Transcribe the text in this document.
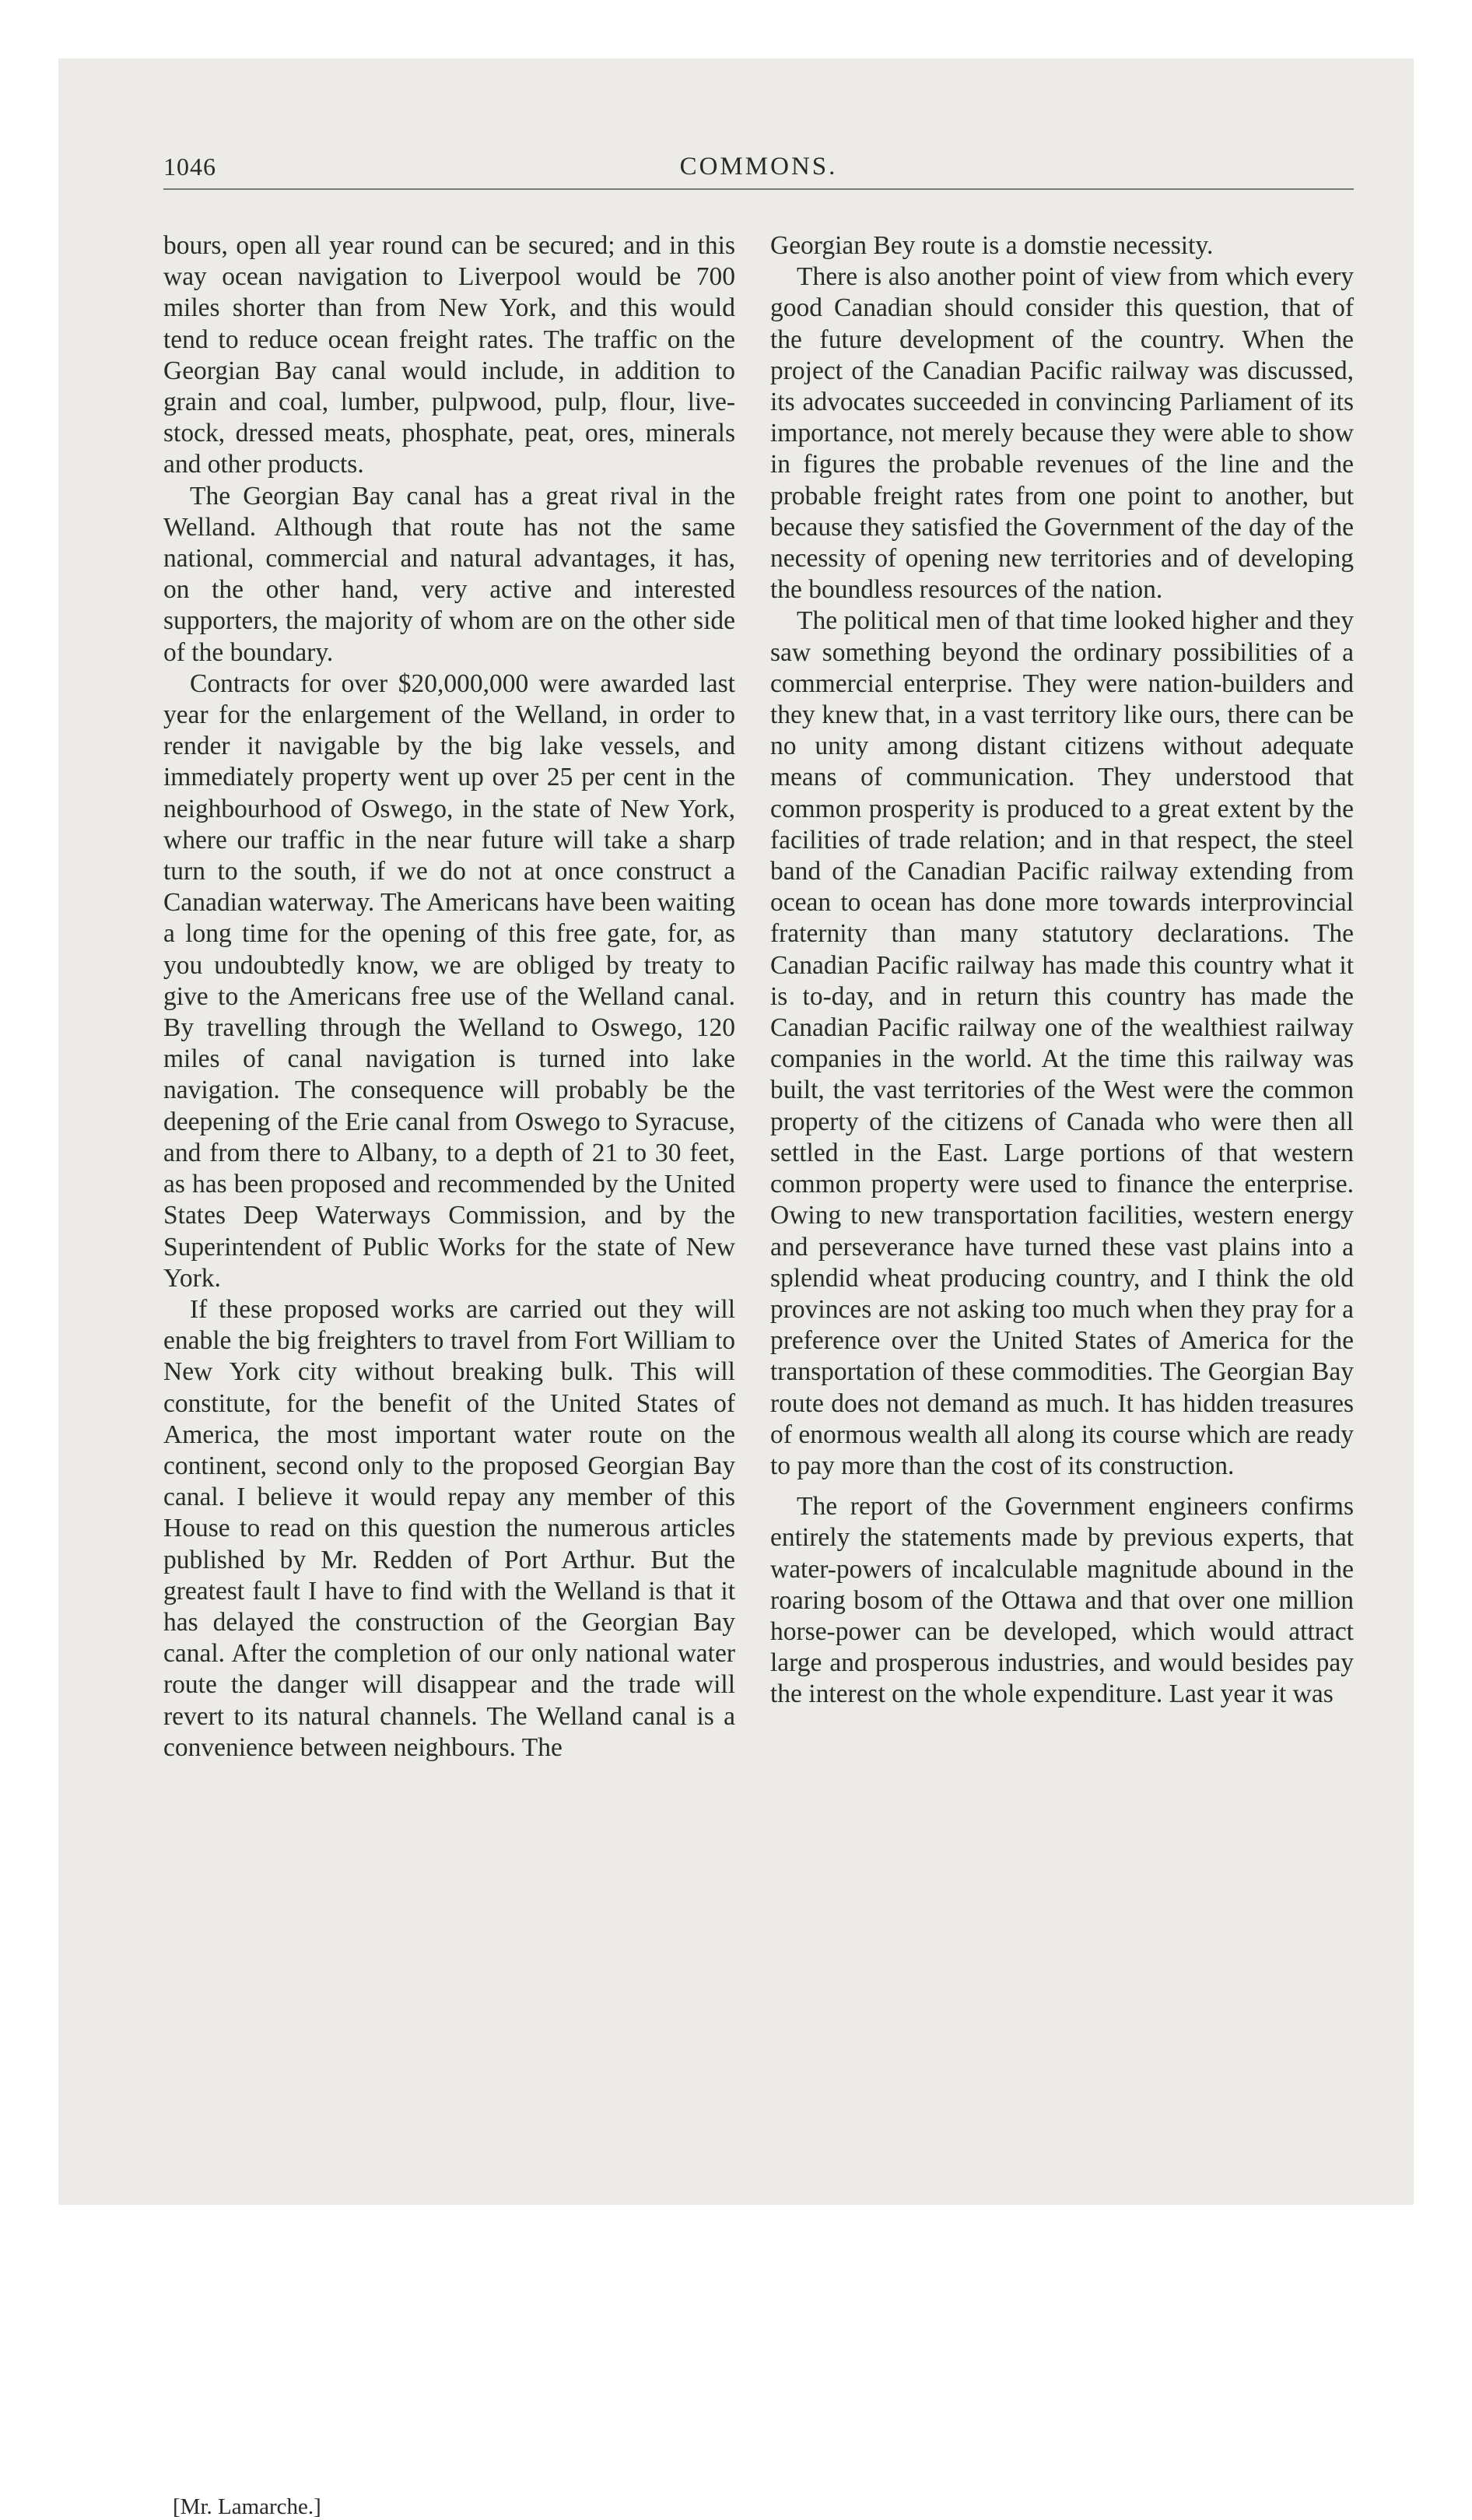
1046	COMMONS.

bours, open all year round can be secured; and in this way ocean navigation to Liverpool would be 700 miles shorter than from New York, and this would tend to reduce ocean freight rates. The traffic on the Georgian Bay canal would include, in addition to grain and coal, lumber, pulpwood, pulp, flour, live-stock, dressed meats, phosphate, peat, ores, minerals and other products.

The Georgian Bay canal has a great rival in the Welland. Although that route has not the same national, commercial and natural advantages, it has, on the other hand, very active and interested supporters, the majority of whom are on the other side of the boundary.

Contracts for over $20,000,000 were awarded last year for the enlargement of the Welland, in order to render it navigable by the big lake vessels, and immediately property went up over 25 per cent in the neighbourhood of Oswego, in the state of New York, where our traffic in the near future will take a sharp turn to the south, if we do not at once construct a Canadian waterway. The Americans have been waiting a long time for the opening of this free gate, for, as you undoubtedly know, we are obliged by treaty to give to the Americans free use of the Welland canal. By travelling through the Welland to Oswego, 120 miles of canal navigation is turned into lake navigation. The consequence will probably be the deepening of the Erie canal from Oswego to Syracuse, and from there to Albany, to a depth of 21 to 30 feet, as has been proposed and recommended by the United States Deep Waterways Commission, and by the Superintendent of Public Works for the state of New York.

If these proposed works are carried out they will enable the big freighters to travel from Fort William to New York city without breaking bulk. This will constitute, for the benefit of the United States of America, the most important water route on the continent, second only to the proposed Georgian Bay canal. I believe it would repay any member of this House to read on this question the numerous articles published by Mr. Redden of Port Arthur. But the greatest fault I have to find with the Welland is that it has delayed the construction of the Georgian Bay canal. After the completion of our only national water route the danger will disappear and the trade will revert to its natural channels. The Welland canal is a convenience between neighbours. The

Georgian Bey route is a domstie necessity.

There is also another point of view from which every good Canadian should consider this question, that of the future development of the country. When the project of the Canadian Pacific railway was discussed, its advocates succeeded in convincing Parliament of its importance, not merely because they were able to show in figures the probable revenues of the line and the probable freight rates from one point to another, but because they satisfied the Government of the day of the necessity of opening new territories and of developing the boundless resources of the nation.

The political men of that time looked higher and they saw something beyond the ordinary possibilities of a commercial enterprise. They were nation-builders and they knew that, in a vast territory like ours, there can be no unity among distant citizens without adequate means of communication. They understood that common prosperity is produced to a great extent by the facilities of trade relation; and in that respect, the steel band of the Canadian Pacific railway extending from ocean to ocean has done more towards interprovincial fraternity than many statutory declarations. The Canadian Pacific railway has made this country what it is to-day, and in return this country has made the Canadian Pacific railway one of the wealthiest railway companies in the world. At the time this railway was built, the vast territories of the West were the common property of the citizens of Canada who were then all settled in the East. Large portions of that western common property were used to finance the enterprise. Owing to new transportation facilities, western energy and perseverance have turned these vast plains into a splendid wheat producing country, and I think the old provinces are not asking too much when they pray for a preference over the United States of America for the transportation of these commodities. The Georgian Bay route does not demand as much. It has hidden treasures of enormous wealth all along its course which are ready to pay more than the cost of its construction.

The report of the Government engineers confirms entirely the statements made by previous experts, that water-powers of incalculable magnitude abound in the roaring bosom of the Ottawa and that over one million horse-power can be developed, which would attract large and prosperous industries, and would besides pay the interest on the whole expenditure. Last year it was

[Mr. Lamarche.]
